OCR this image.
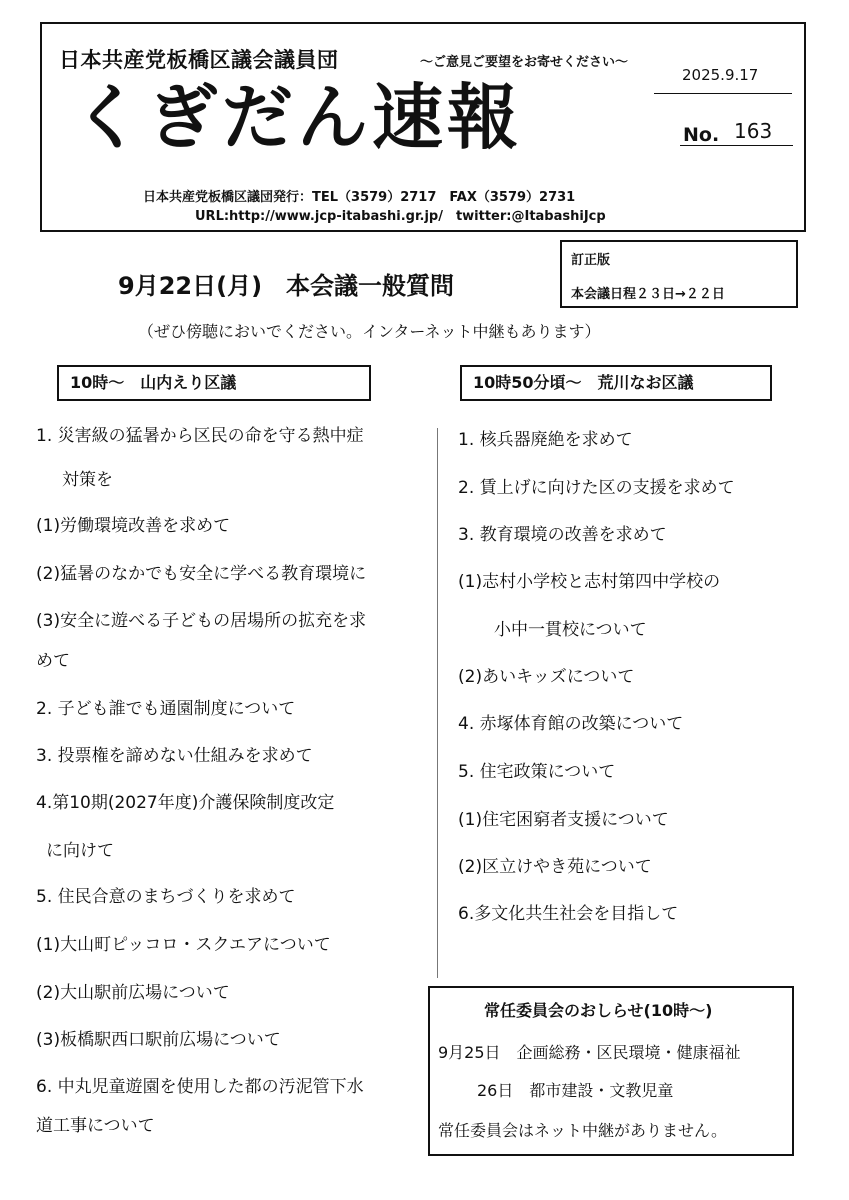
日本共産党板橋区議会議員団	～ご意見ご要望をお寄せください～
2025.9.17
くぎだん速報	No. 163
日本共産党板橋区議団発行：TEL（3579）2717　FAX（3579）2731
URL:http://www.jcp-itabashi.gr.jp/　twitter:@ItabashiJcp
9月22日(月)　本会議一般質問
訂正版
本会議日程２３日→２２日
（ぜひ傍聴においでください。インターネット中継もあります）
10時～　山内えり区議	10時50分頃～　荒川なお区議
1. 災害級の猛暑から区民の命を守る熱中症
対策を
(1)労働環境改善を求めて
(2)猛暑のなかでも安全に学べる教育環境に
(3)安全に遊べる子どもの居場所の拡充を求
めて
2. 子ども誰でも通園制度について
3. 投票権を諦めない仕組みを求めて
4.第10期(2027年度)介護保険制度改定
に向けて
5. 住民合意のまちづくりを求めて
(1)大山町ピッコロ・スクエアについて
(2)大山駅前広場について
(3)板橋駅西口駅前広場について
6. 中丸児童遊園を使用した都の汚泥管下水
道工事について
1. 核兵器廃絶を求めて
2. 賃上げに向けた区の支援を求めて
3. 教育環境の改善を求めて
(1)志村小学校と志村第四中学校の
小中一貫校について
(2)あいキッズについて
4. 赤塚体育館の改築について
5. 住宅政策について
(1)住宅困窮者支援について
(2)区立けやき苑について
6.多文化共生社会を目指して
常任委員会のおしらせ(10時～)
9月25日　企画総務・区民環境・健康福祉
26日　都市建設・文教児童
常任委員会はネット中継がありません。
